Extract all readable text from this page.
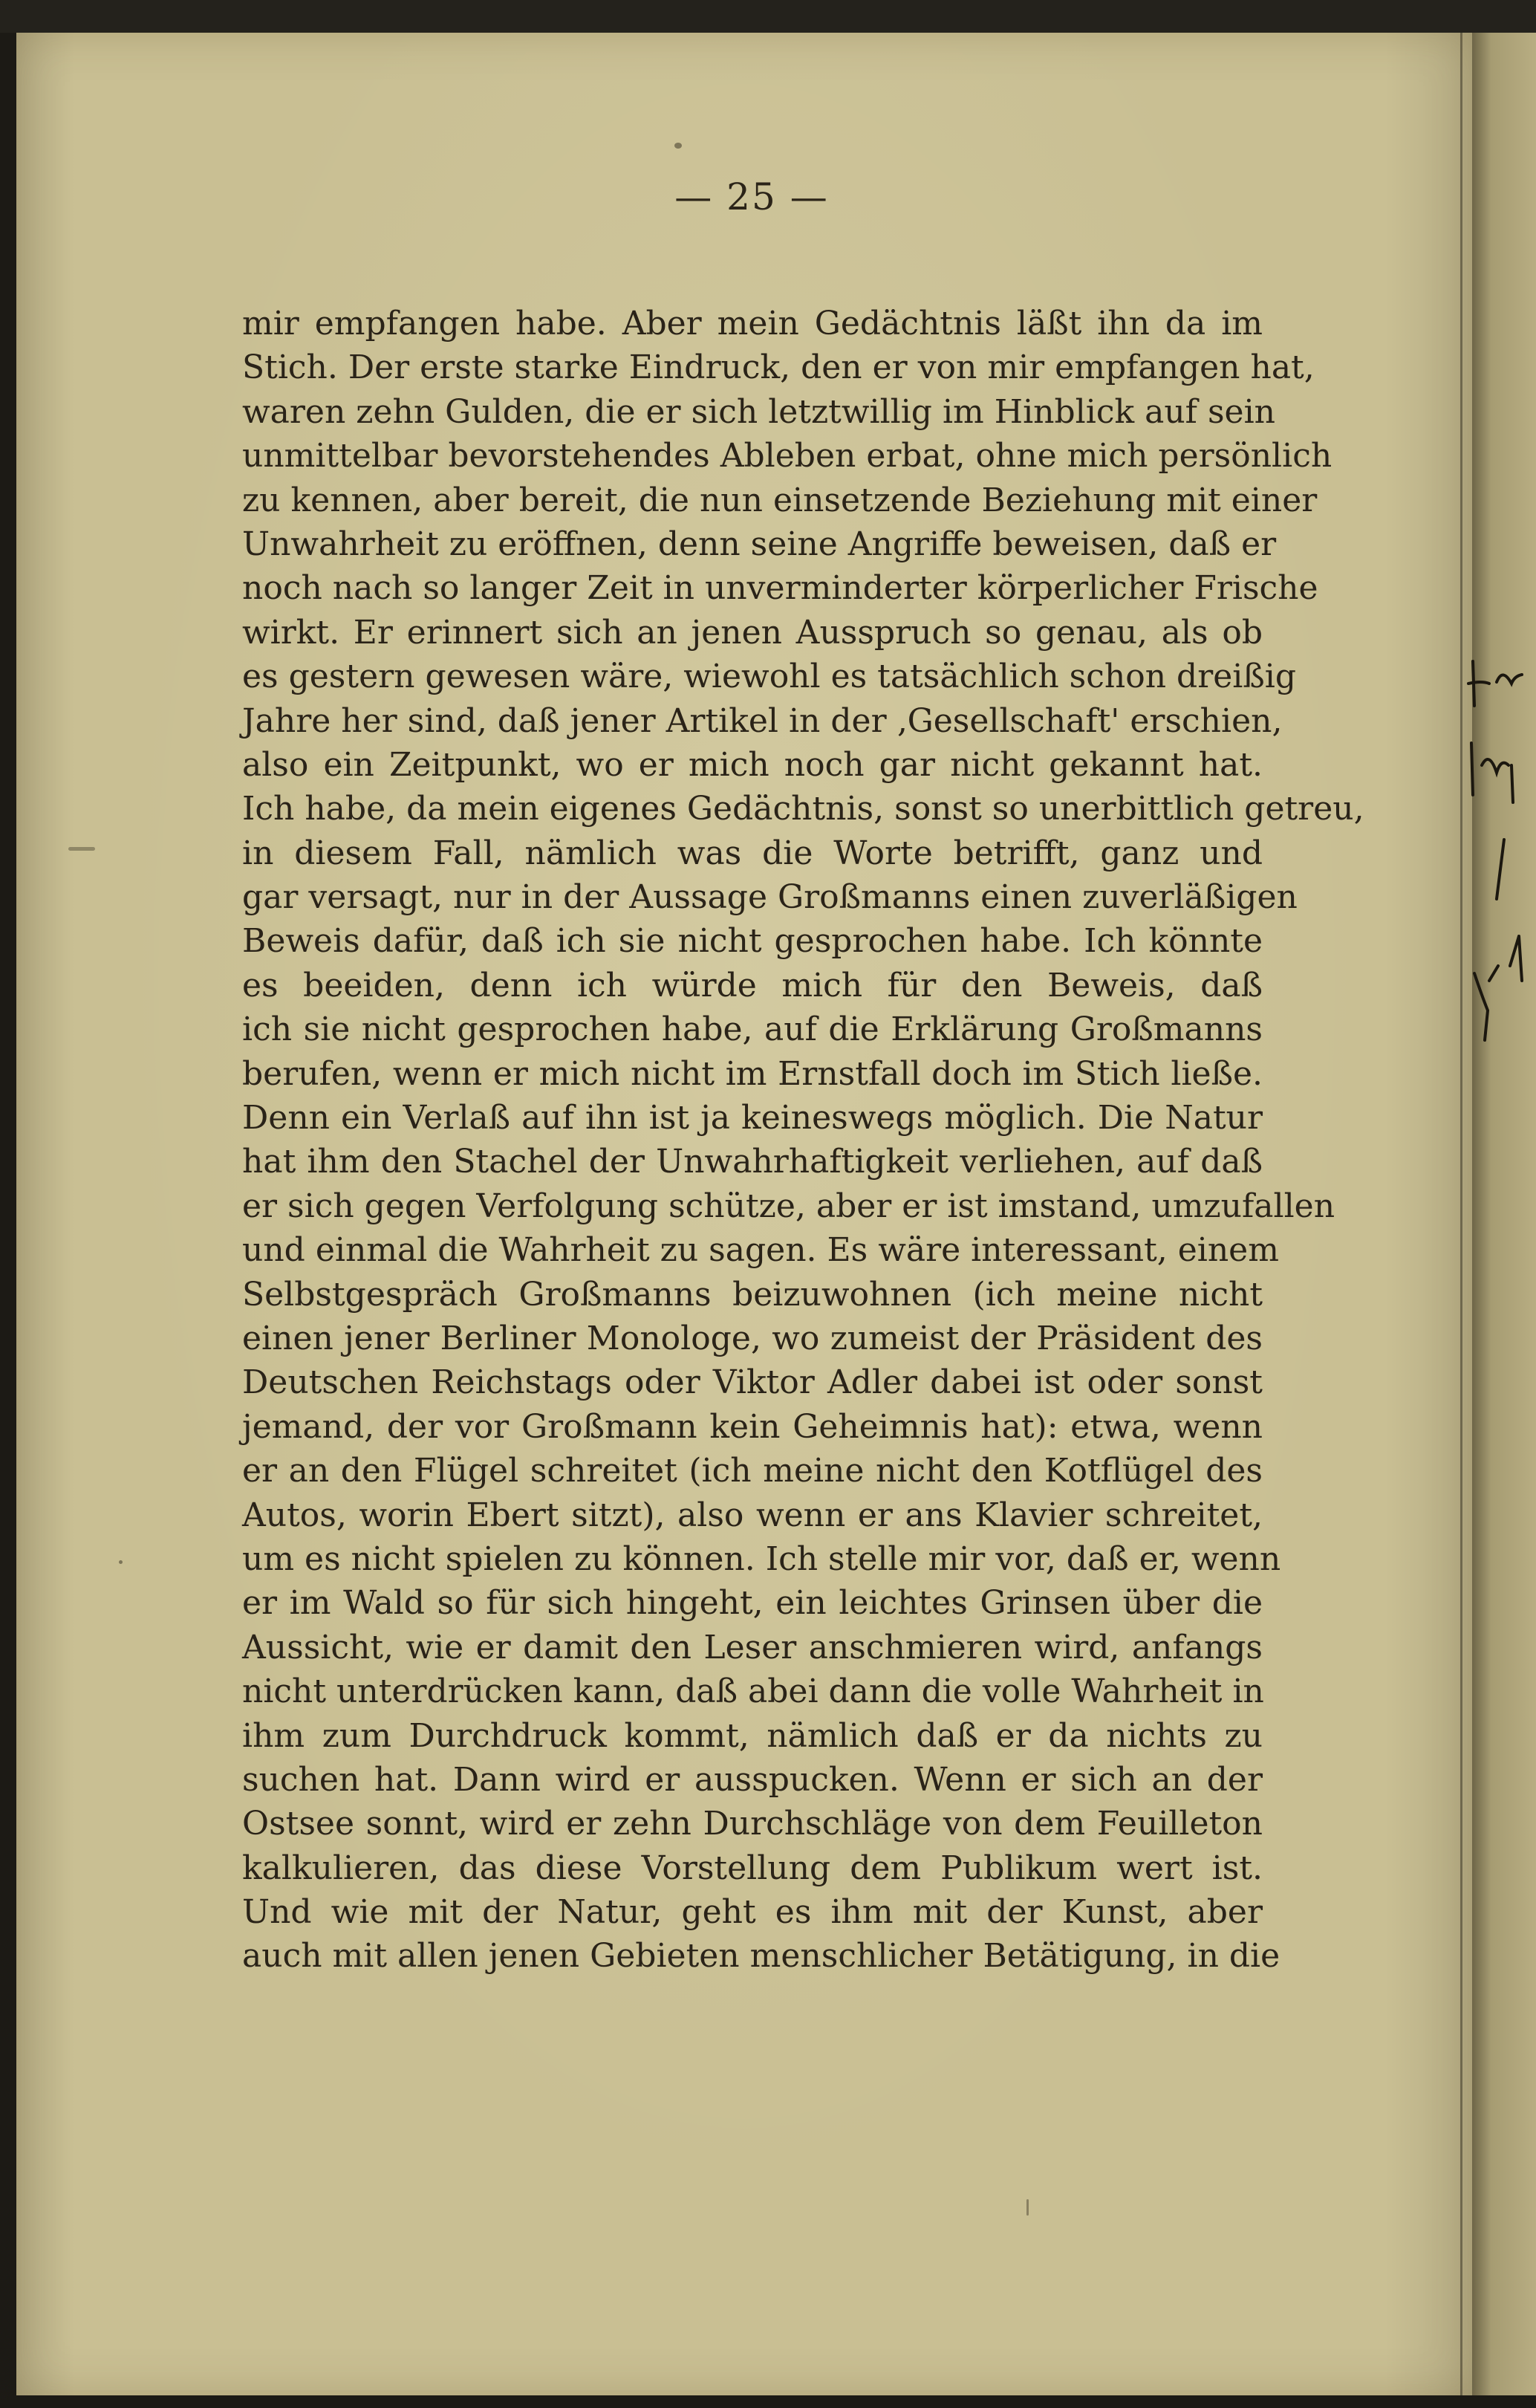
— 25 —
mir empfangen habe. Aber mein Gedächtnis läßt ihn da im
Stich. Der erste starke Eindruck, den er von mir empfangen hat,
waren zehn Gulden, die er sich letztwillig im Hinblick auf sein
unmittelbar bevorstehendes Ableben erbat, ohne mich persönlich
zu kennen, aber bereit, die nun einsetzende Beziehung mit einer
Unwahrheit zu eröffnen, denn seine Angriffe beweisen, daß er
noch nach so langer Zeit in unverminderter körperlicher Frische
wirkt. Er erinnert sich an jenen Ausspruch so genau, als ob
es gestern gewesen wäre, wiewohl es tatsächlich schon dreißig
Jahre her sind, daß jener Artikel in der ‚Gesellschaft' erschien,
also ein Zeitpunkt, wo er mich noch gar nicht gekannt hat.
Ich habe, da mein eigenes Gedächtnis, sonst so unerbittlich getreu,
in diesem Fall, nämlich was die Worte betrifft, ganz und
gar versagt, nur in der Aussage Großmanns einen zuverläßigen
Beweis dafür, daß ich sie nicht gesprochen habe. Ich könnte
es beeiden, denn ich würde mich für den Beweis, daß
ich sie nicht gesprochen habe, auf die Erklärung Großmanns
berufen, wenn er mich nicht im Ernstfall doch im Stich ließe.
Denn ein Verlaß auf ihn ist ja keineswegs möglich. Die Natur
hat ihm den Stachel der Unwahrhaftigkeit verliehen, auf daß
er sich gegen Verfolgung schütze, aber er ist imstand, umzufallen
und einmal die Wahrheit zu sagen. Es wäre interessant, einem
Selbstgespräch Großmanns beizuwohnen (ich meine nicht
einen jener Berliner Monologe, wo zumeist der Präsident des
Deutschen Reichstags oder Viktor Adler dabei ist oder sonst
jemand, der vor Großmann kein Geheimnis hat): etwa, wenn
er an den Flügel schreitet (ich meine nicht den Kotflügel des
Autos, worin Ebert sitzt), also wenn er ans Klavier schreitet,
um es nicht spielen zu können. Ich stelle mir vor, daß er, wenn
er im Wald so für sich hingeht, ein leichtes Grinsen über die
Aussicht, wie er damit den Leser anschmieren wird, anfangs
nicht unterdrücken kann, daß abei dann die volle Wahrheit in
ihm zum Durchdruck kommt, nämlich daß er da nichts zu
suchen hat. Dann wird er ausspucken. Wenn er sich an der
Ostsee sonnt, wird er zehn Durchschläge von dem Feuilleton
kalkulieren, das diese Vorstellung dem Publikum wert ist.
Und wie mit der Natur, geht es ihm mit der Kunst, aber
auch mit allen jenen Gebieten menschlicher Betätigung, in die
